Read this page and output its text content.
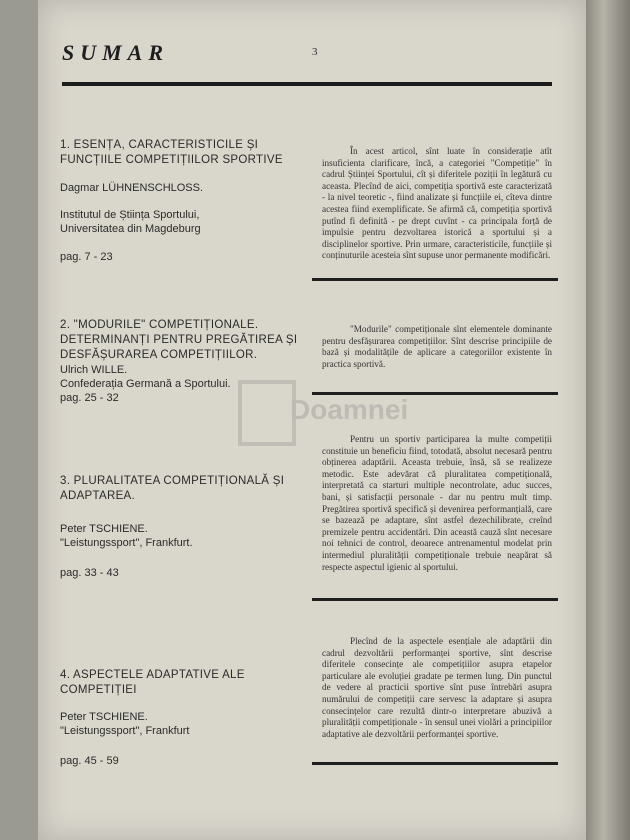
SUMAR	3

1. ESENȚA, CARACTERISTICILE ȘI

FUNCȚIILE COMPETIȚIILOR SPORTIVE

Dagmar LÜHNENSCHLOSS.

Institutul de Știința Sportului,

Universitatea din Magdeburg

pag. 7 - 23

În acest articol, sînt luate în considerație atît insuficienta clarificare, încă, a categoriei "Competiție" în cadrul Științei Sportului, cît și diferitele poziții în legătură cu aceasta. Plecînd de aici, competiția sportivă este caracterizată - la nivel teoretic -, fiind analizate și funcțiile ei, cîteva dintre acestea fiind exemplificate. Se afirmă că, competiția sportivă putînd fi definită - pe drept cuvînt - ca principala forță de impulsie pentru dezvoltarea istorică a sportului și a disciplinelor sportive. Prin urmare, caracteristicile, funcțiile și conținuturile acesteia sînt supuse unor permanente modificări.

2. "MODURILE" COMPETIȚIONALE.

DETERMINANȚI PENTRU PREGĂTIREA ȘI

DESFĂȘURAREA COMPETIȚIILOR.

Ulrich WILLE.

Confederația Germană a Sportului.

pag. 25 - 32

"Modurile" competiționale sînt elementele dominante pentru desfășurarea competițiilor. Sînt descrise principiile de bază și modalitățile de aplicare a categoriilor existente în practica sportivă.

3. PLURALITATEA COMPETIȚIONALĂ ȘI

ADAPTAREA.

Peter TSCHIENE.

"Leistungssport", Frankfurt.

pag. 33 - 43

Pentru un sportiv participarea la multe competiții constituie un beneficiu fiind, totodată, absolut necesară pentru obținerea adaptării. Aceasta trebuie, însă, să se realizeze metodic. Este adevărat că pluralitatea competițională, interpretată ca starturi multiple necontrolate, aduc succes, bani, și satisfacții personale - dar nu pentru mult timp. Pregătirea sportivă specifică și devenirea performanțială, care se bazează pe adaptare, sînt astfel dezechilibrate, creînd premizele pentru accidentări. Din această cauză sînt necesare noi tehnici de control, deoarece antrenamentul modelat prin intermediul pluralității competiționale trebuie neapărat să respecte aspectul igienic al sportului.

4. ASPECTELE ADAPTATIVE ALE

COMPETIȚIEI

Peter TSCHIENE.

"Leistungssport", Frankfurt

pag. 45 - 59

Plecînd de la aspectele esențiale ale adaptării din cadrul dezvoltării performanței sportive, sînt descrise diferitele consecințe ale competițiilor asupra etapelor particulare ale evoluției gradate pe termen lung. Din punctul de vedere al practicii sportive sînt puse întrebări asupra numărului de competiții care servesc la adaptare și asupra consecințelor care rezultă dintr-o interpretare abuzivă a pluralității competiționale - în sensul unei violări a principiilor adaptative ale dezvoltării performanței sportive.
